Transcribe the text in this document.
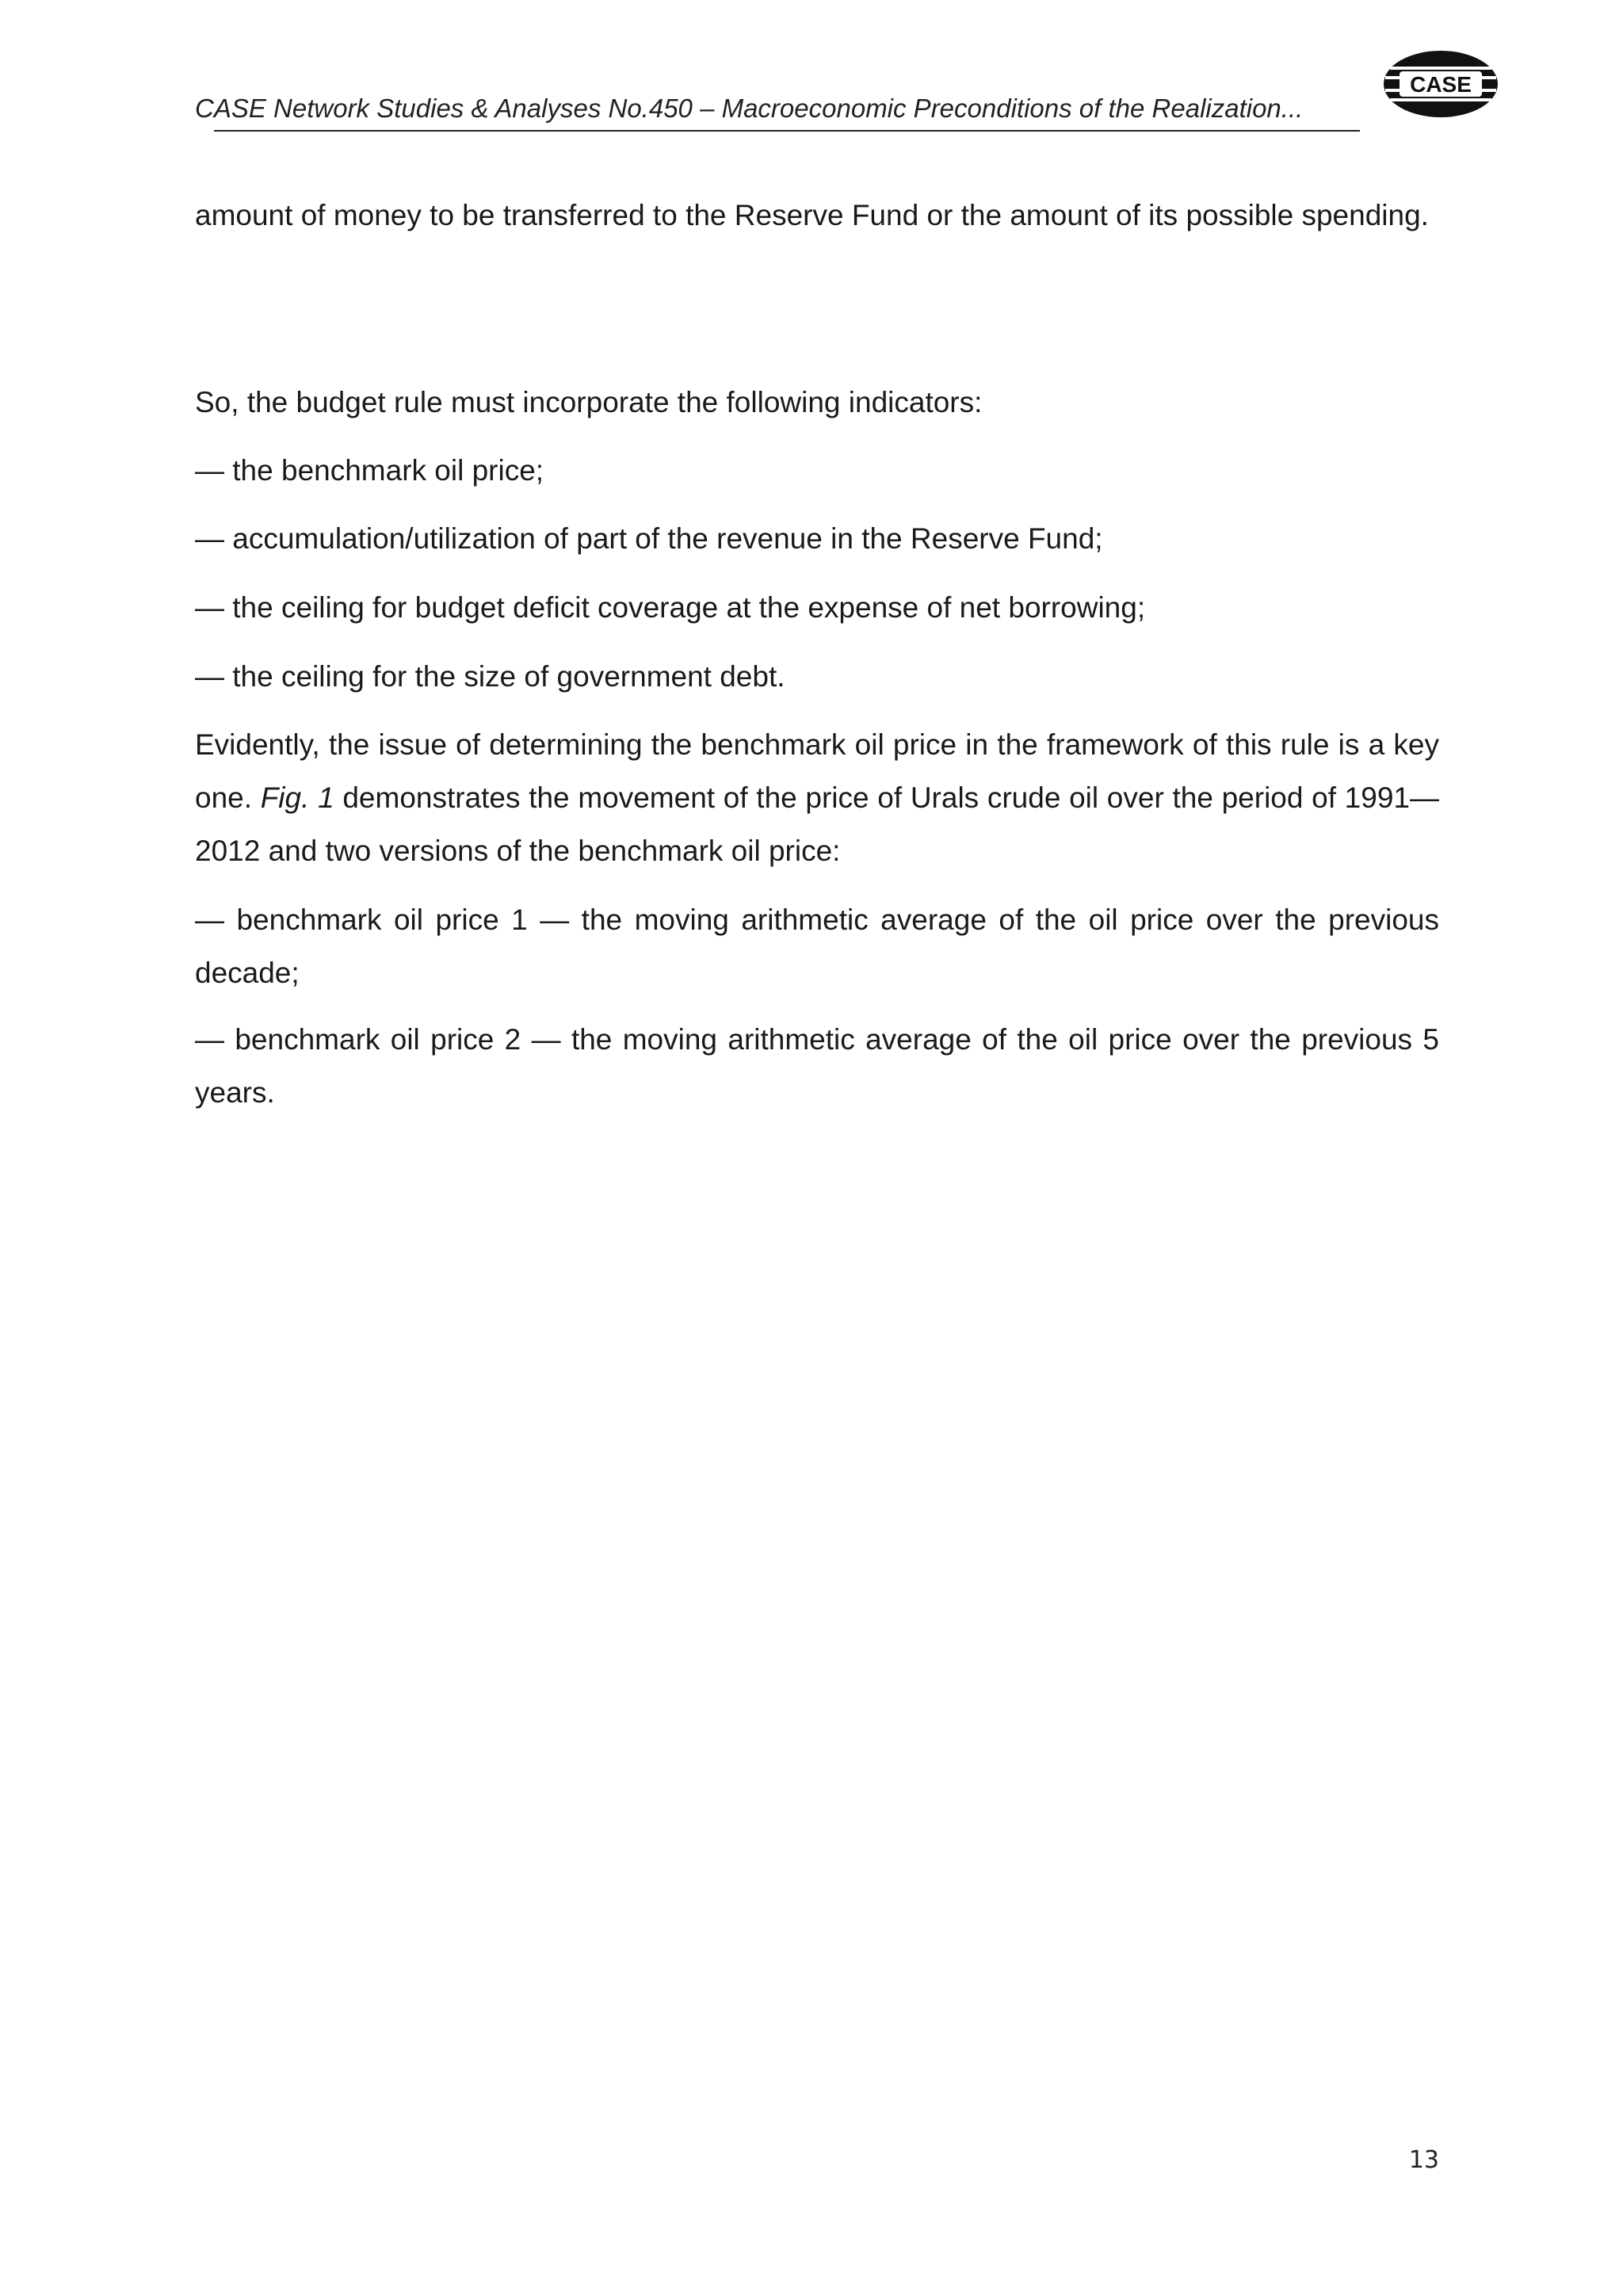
CASE Network Studies & Analyses No.450 – Macroeconomic Preconditions of the Realization...
CASE

amount of money to be transferred to the Reserve Fund or the amount of its possible spending.

So, the budget rule must incorporate the following indicators:

— the benchmark oil price;

— accumulation/utilization of part of the revenue in the Reserve Fund;

— the ceiling for budget deficit coverage at the expense of net borrowing;

— the ceiling for the size of government debt.

Evidently, the issue of determining the benchmark oil price in the framework of this rule is a key one. Fig. 1 demonstrates the movement of the price of Urals crude oil over the period of 1991—2012 and two versions of the benchmark oil price:

— benchmark oil price 1 — the moving arithmetic average of the oil price over the previous decade;

— benchmark oil price 2 — the moving arithmetic average of the oil price over the previous 5 years.

13
